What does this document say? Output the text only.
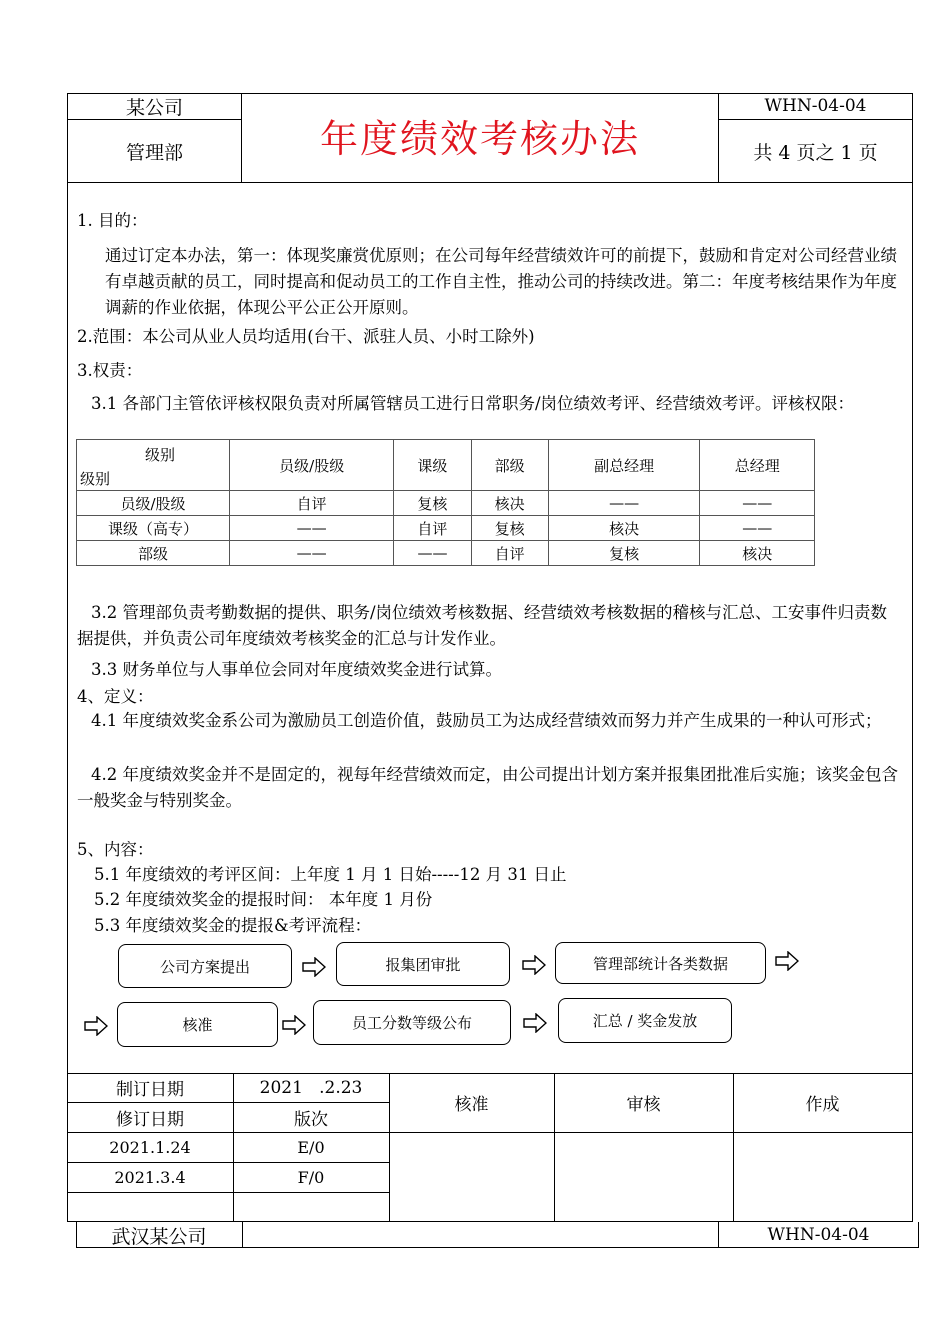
某公司
管理部	年度绩效考核办法
WHN-04-04
共 4 页之 1 页
1. 目的：
通过订定本办法，第一：体现奖廉赏优原则；在公司每年经营绩效许可的前提下，鼓励和肯定对公司经营业绩有卓越贡献的员工，同时提高和促动员工的工作自主性，推动公司的持续改进。第二：年度考核结果作为年度调薪的作业依据，体现公平公正公开原则。
2.范围：本公司从业人员均适用(台干、派驻人员、小时工除外)
3.权责：
3.1 各部门主管依评核权限负责对所属管辖员工进行日常职务/岗位绩效考评、经营绩效考评。评核权限：
级别
级别	员级/股级	课级	部级	副总经理	总经理
员级/股级	自评	复核	核决	——	——
课级（高专）	——	自评	复核	核决	——
部级	——	——	自评	复核	核决
3.2 管理部负责考勤数据的提供、职务/岗位绩效考核数据、经营绩效考核数据的稽核与汇总、工安事件归责数据提供，并负责公司年度绩效考核奖金的汇总与计发作业。
3.3 财务单位与人事单位会同对年度绩效奖金进行试算。
4、定义：
4.1 年度绩效奖金系公司为激励员工创造价值，鼓励员工为达成经营绩效而努力并产生成果的一种认可形式；
4.2 年度绩效奖金并不是固定的，视每年经营绩效而定，由公司提出计划方案并报集团批准后实施；该奖金包含一般奖金与特别奖金。
5、内容：
5.1 年度绩效的考评区间：上年度 1 月 1 日始-----12 月 31 日止
5.2 年度绩效奖金的提报时间： 本年度 1 月份
5.3 年度绩效奖金的提报&考评流程：
公司方案提出	报集团审批	管理部统计各类数据
核准	员工分数等级公布	汇总 / 奖金发放
制订日期	2021   .2.23
修订日期	版次
核准	审核	作成
2021.1.24	E/0
2021.3.4	F/0
武汉某公司	WHN-04-04
